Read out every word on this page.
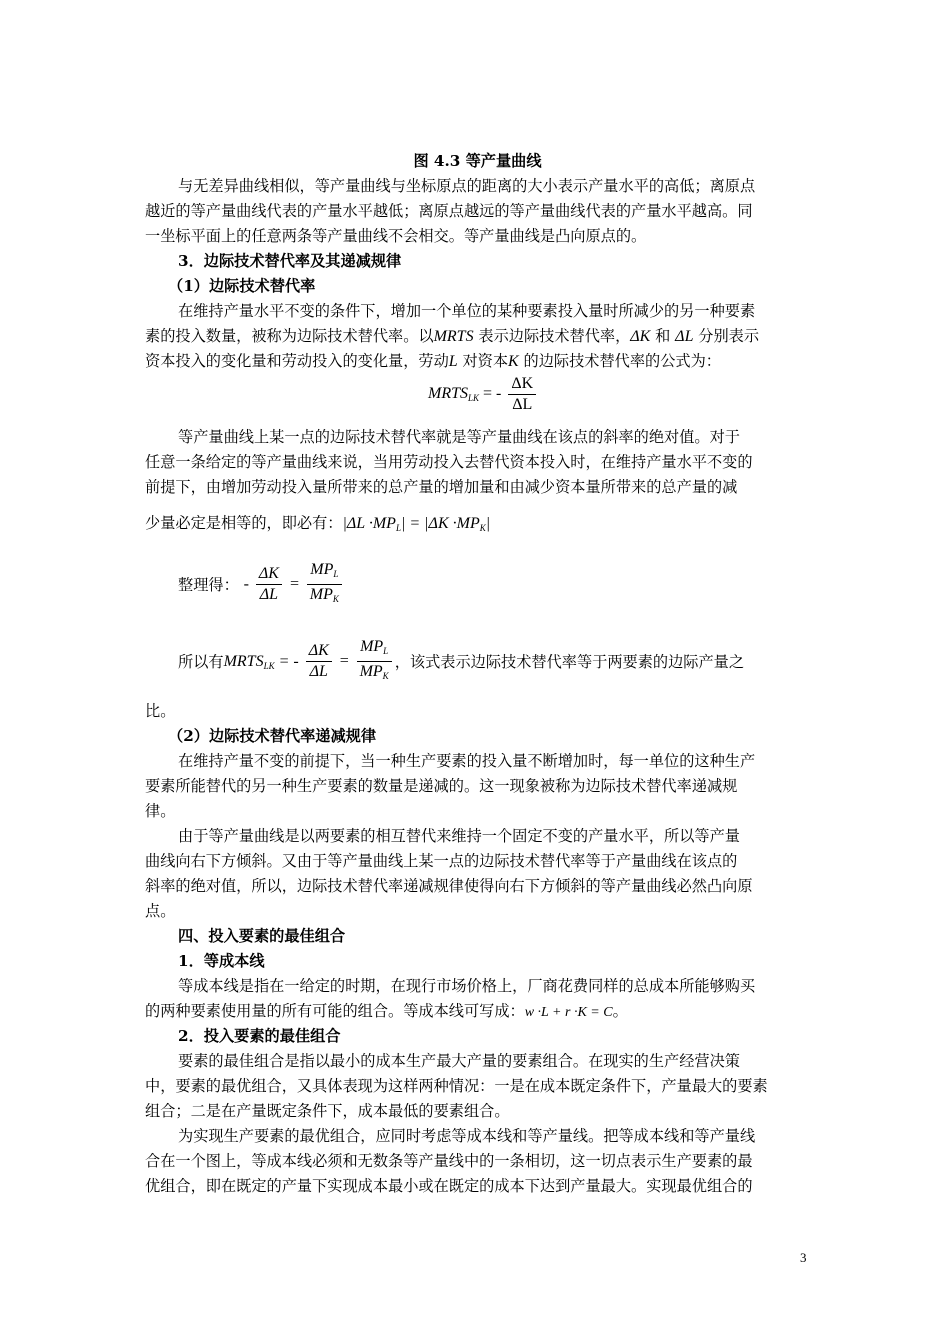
图 4.3 等产量曲线
与无差异曲线相似，等产量曲线与坐标原点的距离的大小表示产量水平的高低；离原点
越近的等产量曲线代表的产量水平越低；离原点越远的等产量曲线代表的产量水平越高。同
一坐标平面上的任意两条等产量曲线不会相交。等产量曲线是凸向原点的。
3．边际技术替代率及其递减规律
（1）边际技术替代率
在维持产量水平不变的条件下，增加一个单位的某种要素投入量时所减少的另一种要素
素的投入数量，被称为边际技术替代率。以MRTS 表示边际技术替代率，ΔK 和 ΔL 分别表示
资本投入的变化量和劳动投入的变化量，劳动L 对资本K 的边际技术替代率的公式为：
$MRTS_{LK}$ = - $\frac{\Delta K}{\Delta L}$
等产量曲线上某一点的边际技术替代率就是等产量曲线在该点的斜率的绝对值。对于
任意一条给定的等产量曲线来说，当用劳动投入去替代资本投入时，在维持产量水平不变的
前提下，由增加劳动投入量所带来的总产量的增加量和由减少资本量所带来的总产量的减
少量必定是相等的，即必有：$|\Delta L \cdot MP_L| = |\Delta K \cdot MP_K|$
整理得： - $\frac{\Delta K}{\Delta L} = \frac{MP_L}{MP_K}$
所以有$MRTS_{LK}$ = - $\frac{\Delta K}{\Delta L} = \frac{MP_L}{MP_K}$ ，该式表示边际技术替代率等于两要素的边际产量之
比。
（2）边际技术替代率递减规律
在维持产量不变的前提下，当一种生产要素的投入量不断增加时，每一单位的这种生产
要素所能替代的另一种生产要素的数量是递减的。这一现象被称为边际技术替代率递减规
律。
由于等产量曲线是以两要素的相互替代来维持一个固定不变的产量水平，所以等产量
曲线向右下方倾斜。又由于等产量曲线上某一点的边际技术替代率等于产量曲线在该点的
斜率的绝对值，所以，边际技术替代率递减规律使得向右下方倾斜的等产量曲线必然凸向原
点。
四、投入要素的最佳组合
1．等成本线
等成本线是指在一给定的时期，在现行市场价格上，厂商花费同样的总成本所能够购买
的两种要素使用量的所有可能的组合。等成本线可写成：w ·L + r ·K = C。
2．投入要素的最佳组合
要素的最佳组合是指以最小的成本生产最大产量的要素组合。在现实的生产经营决策
中，要素的最优组合，又具体表现为这样两种情况：一是在成本既定条件下，产量最大的要素
组合；二是在产量既定条件下，成本最低的要素组合。
为实现生产要素的最优组合，应同时考虑等成本线和等产量线。把等成本线和等产量线
合在一个图上，等成本线必须和无数条等产量线中的一条相切，这一切点表示生产要素的最
优组合，即在既定的产量下实现成本最小或在既定的成本下达到产量最大。实现最优组合的
3
